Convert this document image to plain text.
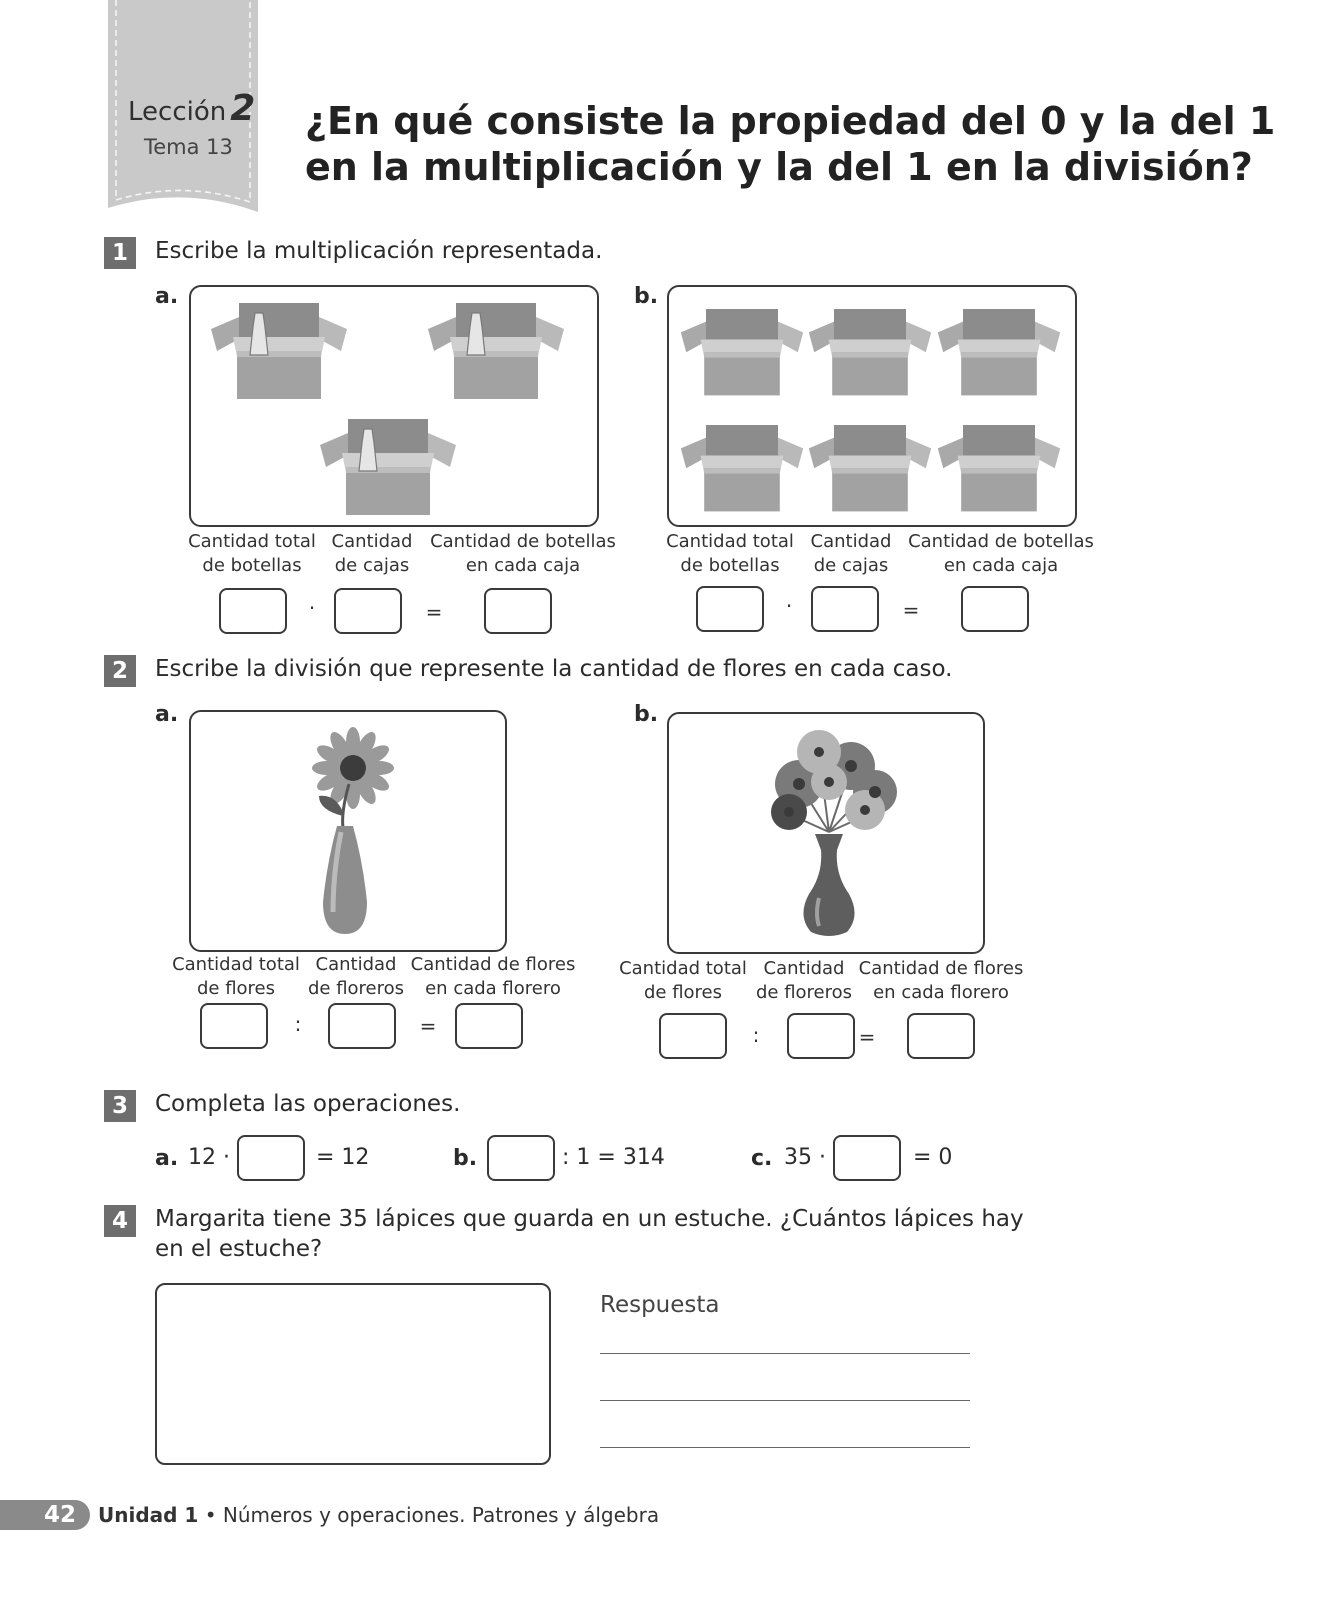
Lección 2
Tema 13
¿En qué consiste la propiedad del 0 y la del 1
en la multiplicación y la del 1 en la división?
1	Escribe la multiplicación representada.
a.
Cantidad total
de botellas
Cantidad
de cajas
Cantidad de botellas
en cada caja
·	=
b.
Cantidad total
de botellas
Cantidad
de cajas
Cantidad de botellas
en cada caja
·	=
2	Escribe la división que represente la cantidad de flores en cada caso.
a.
Cantidad total
de flores
Cantidad
de floreros
Cantidad de flores
en cada florero
:	=
b.
Cantidad total
de flores
Cantidad
de floreros
Cantidad de flores
en cada florero
:	=
3	Completa las operaciones.
a. 12 ·	= 12	b.	: 1 = 314	c. 35 ·	= 0
4	Margarita tiene 35 lápices que guarda en un estuche. ¿Cuántos lápices hay
en el estuche?
Respuesta
42 Unidad 1 • Números y operaciones. Patrones y álgebra
